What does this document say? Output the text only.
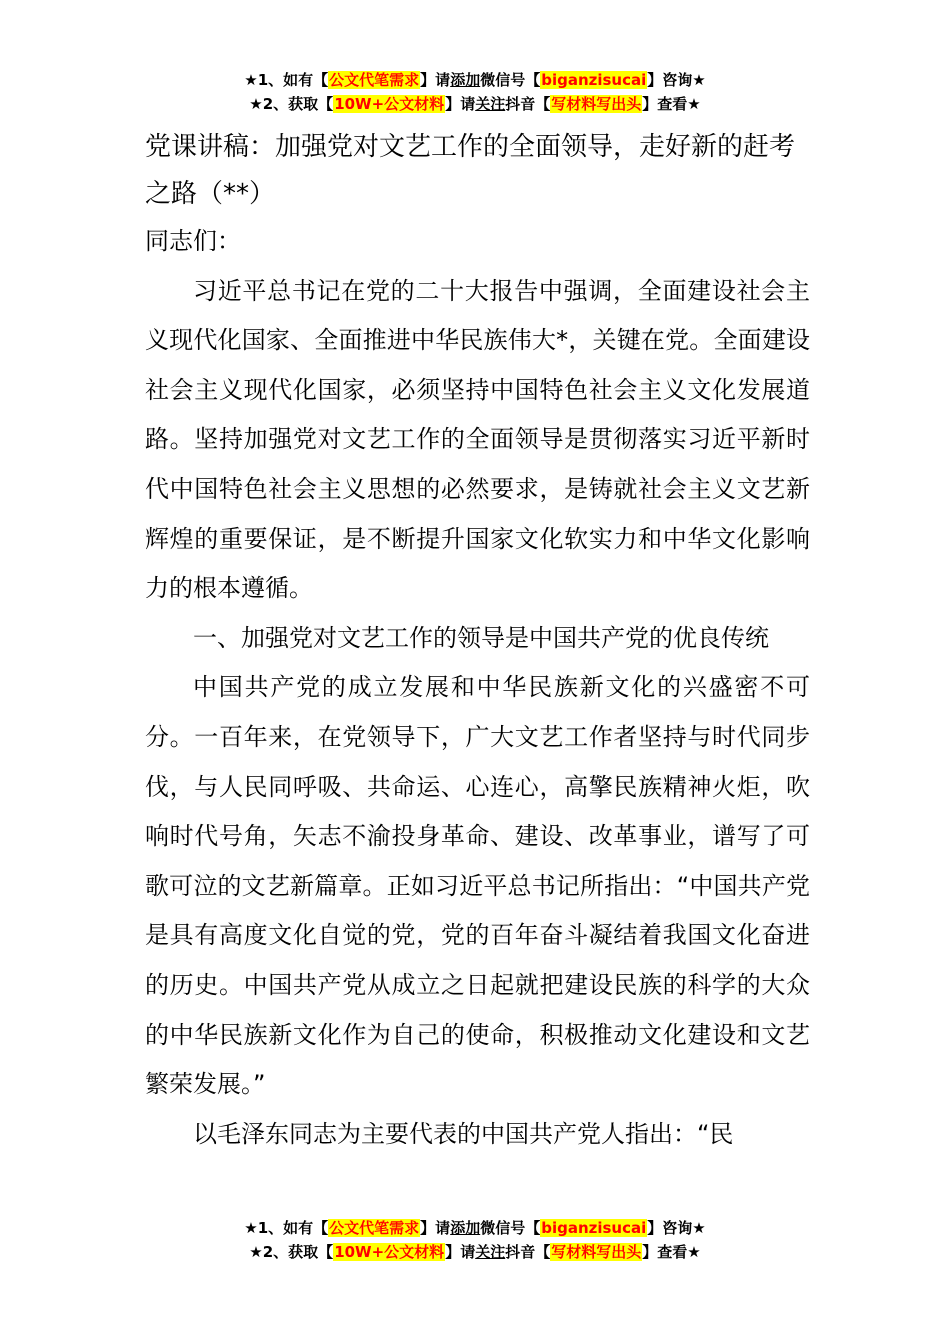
★1、如有【公文代笔需求】请添加微信号【biganzisucai】咨询★
★2、获取【10W+公文材料】请关注抖音【写材料写出头】查看★
党课讲稿：加强党对文艺工作的全面领导，走好新的赶考之路（**）

同志们：

习近平总书记在党的二十大报告中强调，全面建设社会主义现代化国家、全面推进中华民族伟大*，关键在党。全面建设社会主义现代化国家，必须坚持中国特色社会主义文化发展道路。坚持加强党对文艺工作的全面领导是贯彻落实习近平新时代中国特色社会主义思想的必然要求，是铸就社会主义文艺新辉煌的重要保证，是不断提升国家文化软实力和中华文化影响力的根本遵循。

一、加强党对文艺工作的领导是中国共产党的优良传统

中国共产党的成立发展和中华民族新文化的兴盛密不可分。一百年来，在党领导下，广大文艺工作者坚持与时代同步伐，与人民同呼吸、共命运、心连心，高擎民族精神火炬，吹响时代号角，矢志不渝投身革命、建设、改革事业，谱写了可歌可泣的文艺新篇章。正如习近平总书记所指出：“中国共产党是具有高度文化自觉的党，党的百年奋斗凝结着我国文化奋进的历史。中国共产党从成立之日起就把建设民族的科学的大众的中华民族新文化作为自己的使命，积极推动文化建设和文艺繁荣发展。”

以毛泽东同志为主要代表的中国共产党人指出：“民

★1、如有【公文代笔需求】请添加微信号【biganzisucai】咨询★
★2、获取【10W+公文材料】请关注抖音【写材料写出头】查看★
